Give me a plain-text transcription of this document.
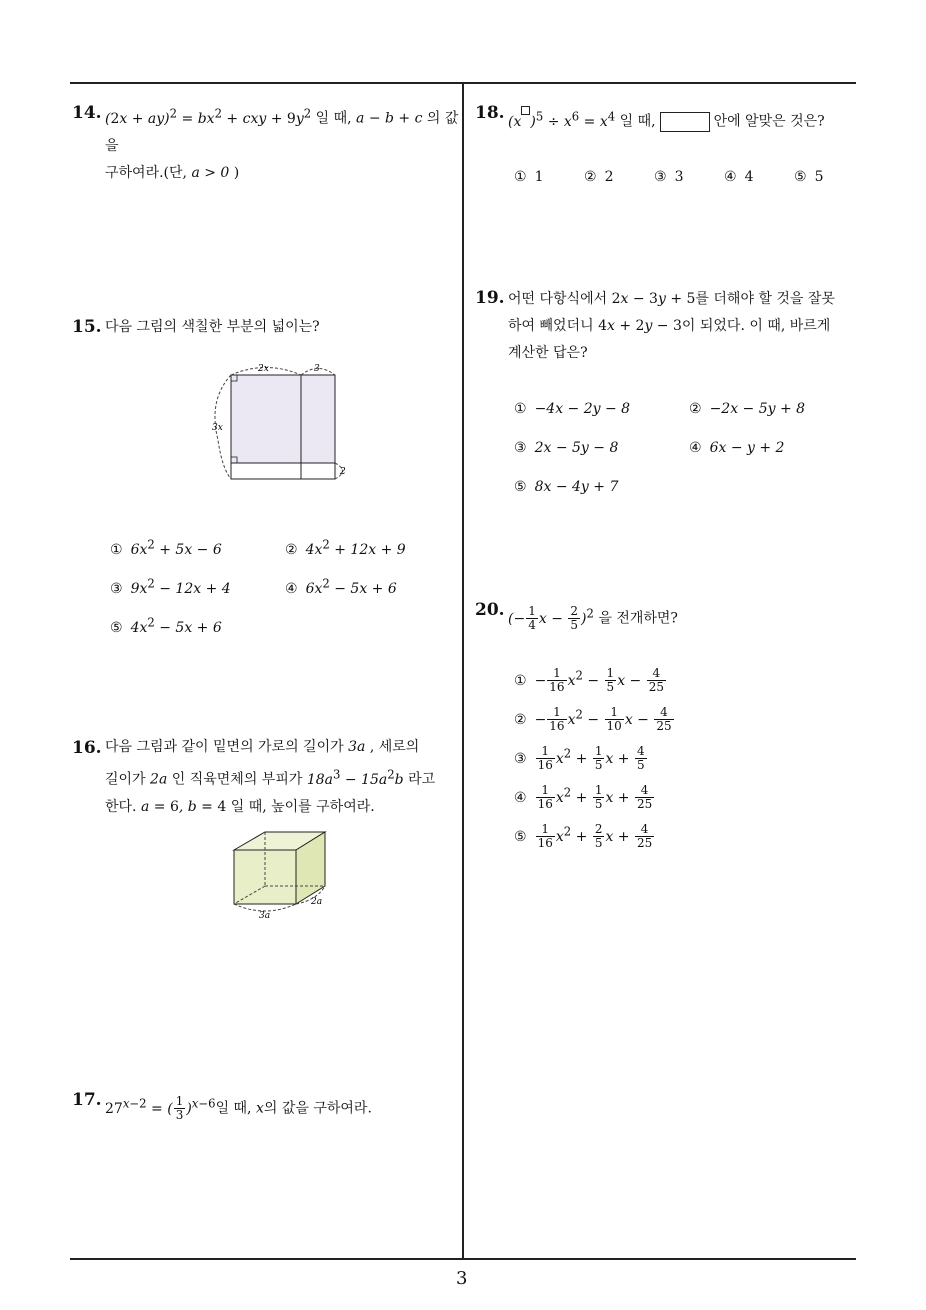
3
14. $(2x + ay)^2 = bx^2$ + cxy + $9y^2$ 일 때, a − b + c 의 값을
구하여라.(단, a > 0 )
15. 다음 그림의 색칠한 부분의 넓이는?
2x	3
3x
2
① $6x^2 + 5x - 6$	② $4x^2 + 12x + 9$
③ $9x^2 - 12x + 4$	④ $6x^2 - 5x + 6$
⑤ $4x^2 - 5x + 6$
16. 다음 그림과 같이 밑면의 가로의 길이가 3a , 세로의
길이가 2a 인 직육면체의 부피가 $18a^3 - 15a^2b$ 라고
한다. a = 6, b = 4 일 때, 높이를 구하여라.
3a
2a
17. $27^{x-2}$ = ( $\frac{1}{3} )^{x-6}$일 때, x의 값을 구하여라.
18. (x )$^5 \div x^6 = x^4$ 일 때,	안에 알맞은 것은?
① 1	② 2	③ 3	④ 4	⑤ 5
19. 어떤 다항식에서 2x − 3y + 5를 더해야 할 것을 잘못
하여 빼었더니 4x + 2y − 3이 되었다. 이 때, 바르게
계산한 답은?
① −4x − 2y − 8	② −2x − 5y + 8
③ 2x − 5y − 8	④ 6x − y + 2
⑤ 8x − 4y + 7
20. (− $\frac{1}{4}$ $x - \frac{2}{5} )^2$ 을 전개하면?
① − $\frac{1}{16} x^2 - \frac{1}{5}$ $x - \frac{4}{25}$
② − $\frac{1}{16} x^2 - \frac{1}{10}$ $x - \frac{4}{25}$
③ $\frac{1}{16} x^2 + \frac{1}{5}$ $x + \frac{4}{5}$
④ $\frac{1}{16} x^2 + \frac{1}{5}$ $x + \frac{4}{25}$
⑤ $\frac{1}{16} x^2 + \frac{2}{5}$ $x + \frac{4}{25}$
